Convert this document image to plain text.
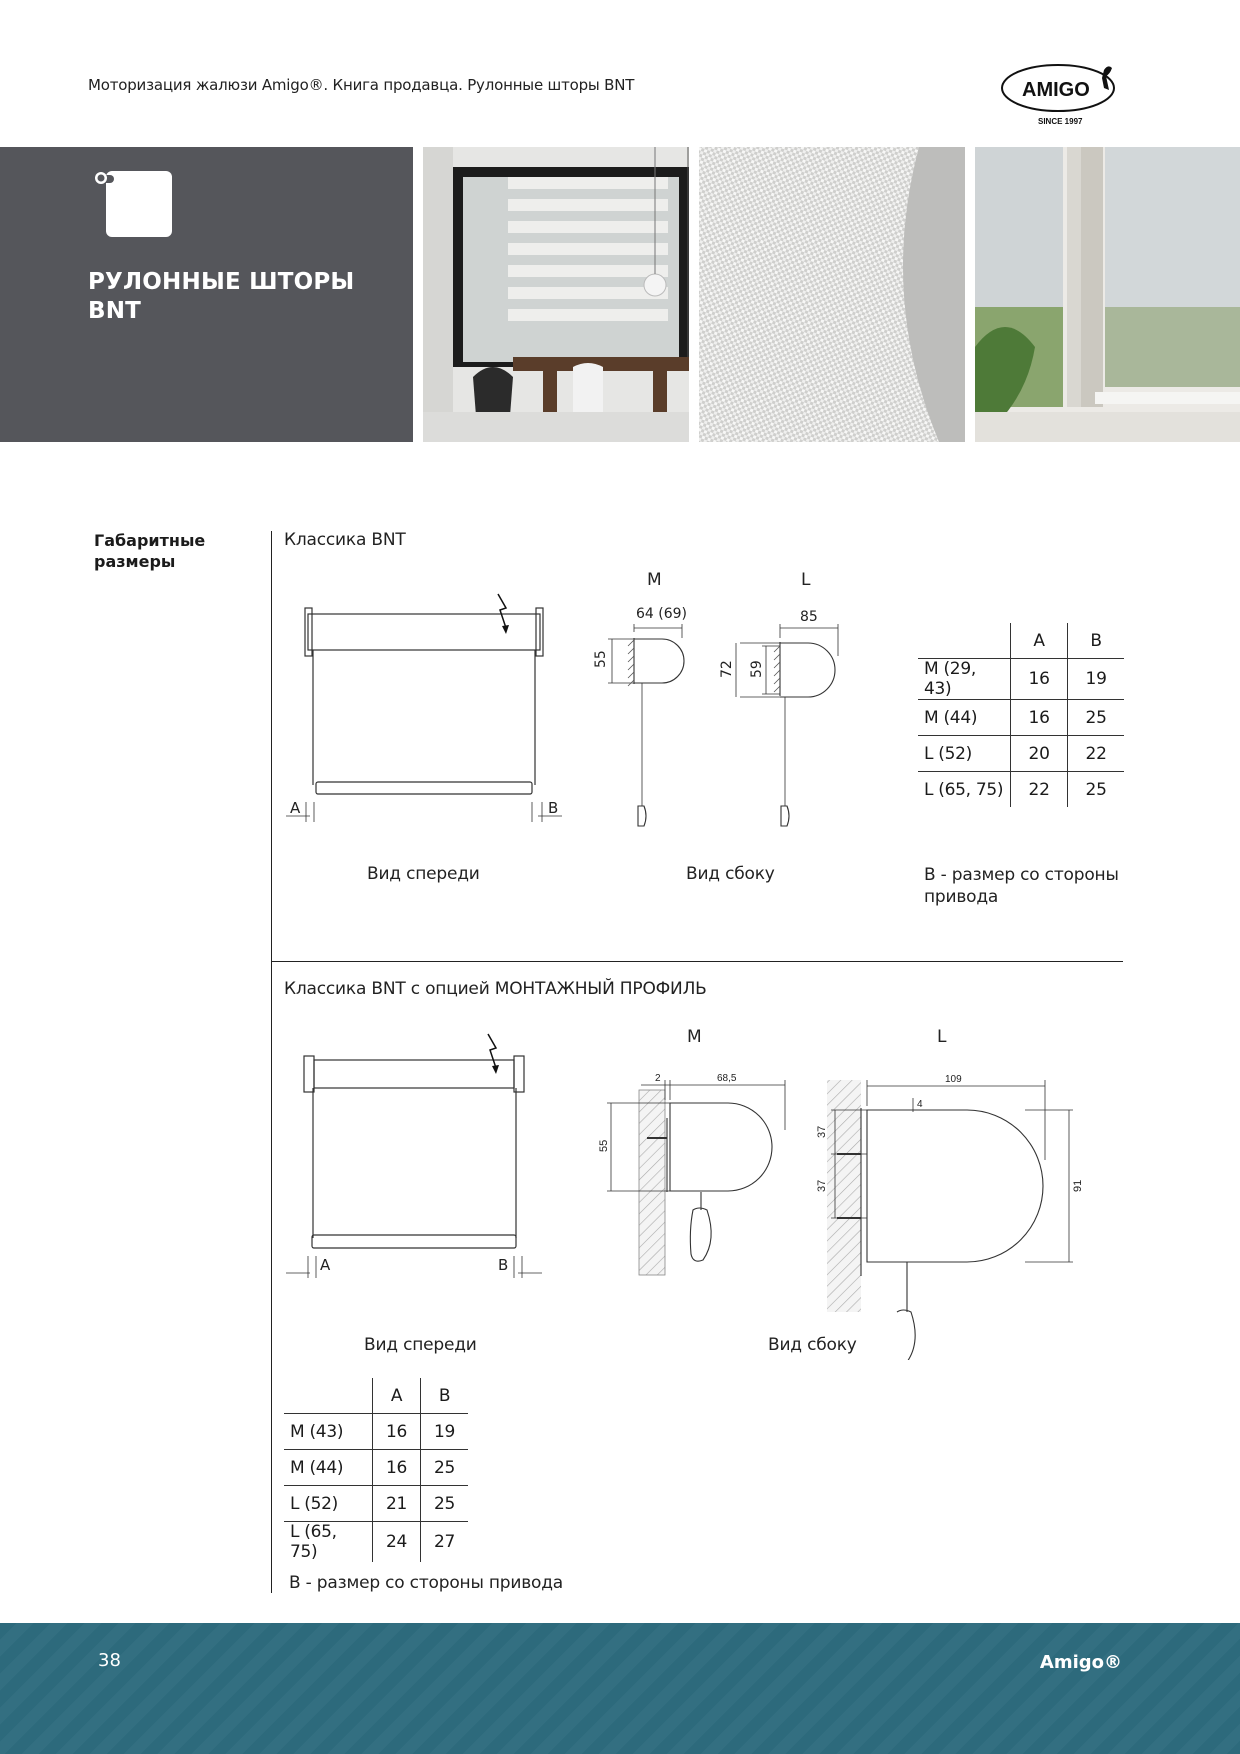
Моторизация жалюзи Amigo®. Книга продавца. Рулонные шторы BNT	AMIGO
SINCE 1997
РУЛОННЫЕ ШТОРЫ
BNT
Габаритные
размеры
Классика BNT
A	B
M	L
64 (69)
55
85
72 59
	A	B
M (29, 43)	16	19
M (44)	16	25
L (52)	20	22
L (65, 75)	22	25
Вид спереди	Вид сбоку	B - размер со стороны
привода
Классика BNT с опцией МОНТАЖНЫЙ ПРОФИЛЬ
A	B
M	L
2	68,5
55
109
4
37
37	91
Вид спереди	Вид сбоку
	A	B
M (43)	16	19
M (44)	16	25
L (52)	21	25
L (65, 75)	24	27
B - размер со стороны привода
38	Amigo®
